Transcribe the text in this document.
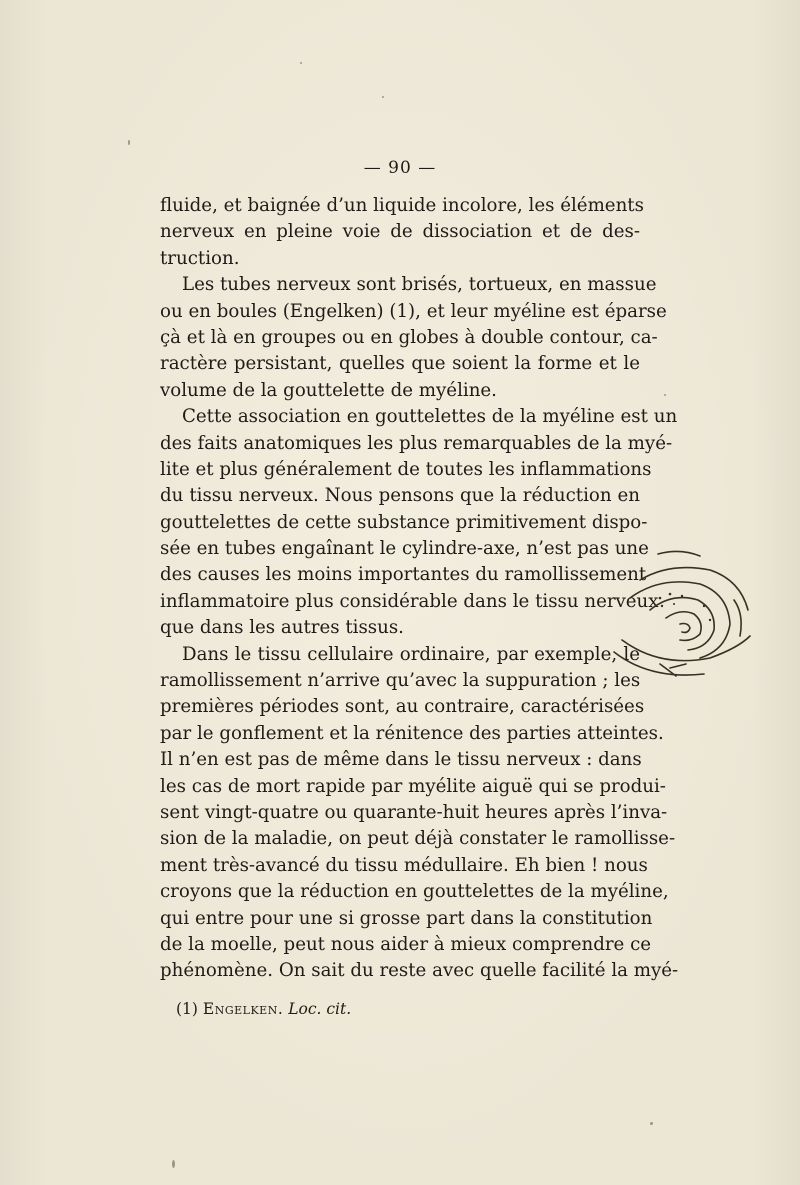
— 90 —
fluide, et baignée d’un liquide incolore, les éléments
nerveux en pleine voie de dissociation et de des-
truction.
Les tubes nerveux sont brisés, tortueux, en massue
ou en boules (Engelken) (1), et leur myéline est éparse
çà et là en groupes ou en globes à double contour, ca-
ractère persistant, quelles que soient la forme et le
volume de la gouttelette de myéline.
Cette association en gouttelettes de la myéline est un
des faits anatomiques les plus remarquables de la myé-
lite et plus généralement de toutes les inflammations
du tissu nerveux. Nous pensons que la réduction en
gouttelettes de cette substance primitivement dispo-
sée en tubes engaînant le cylindre-axe, n’est pas une
des causes les moins importantes du ramollissement
inflammatoire plus considérable dans le tissu nerveux
que dans les autres tissus.
Dans le tissu cellulaire ordinaire, par exemple, le
ramollissement n’arrive qu’avec la suppuration ; les
premières périodes sont, au contraire, caractérisées
par le gonflement et la rénitence des parties atteintes.
Il n’en est pas de même dans le tissu nerveux : dans
les cas de mort rapide par myélite aiguë qui se produi-
sent vingt-quatre ou quarante-huit heures après l’inva-
sion de la maladie, on peut déjà constater le ramollisse-
ment très-avancé du tissu médullaire. Eh bien ! nous
croyons que la réduction en gouttelettes de la myéline,
qui entre pour une si grosse part dans la constitution
de la moelle, peut nous aider à mieux comprendre ce
phénomène. On sait du reste avec quelle facilité la myé-
(1) Engelken. Loc. cit.
